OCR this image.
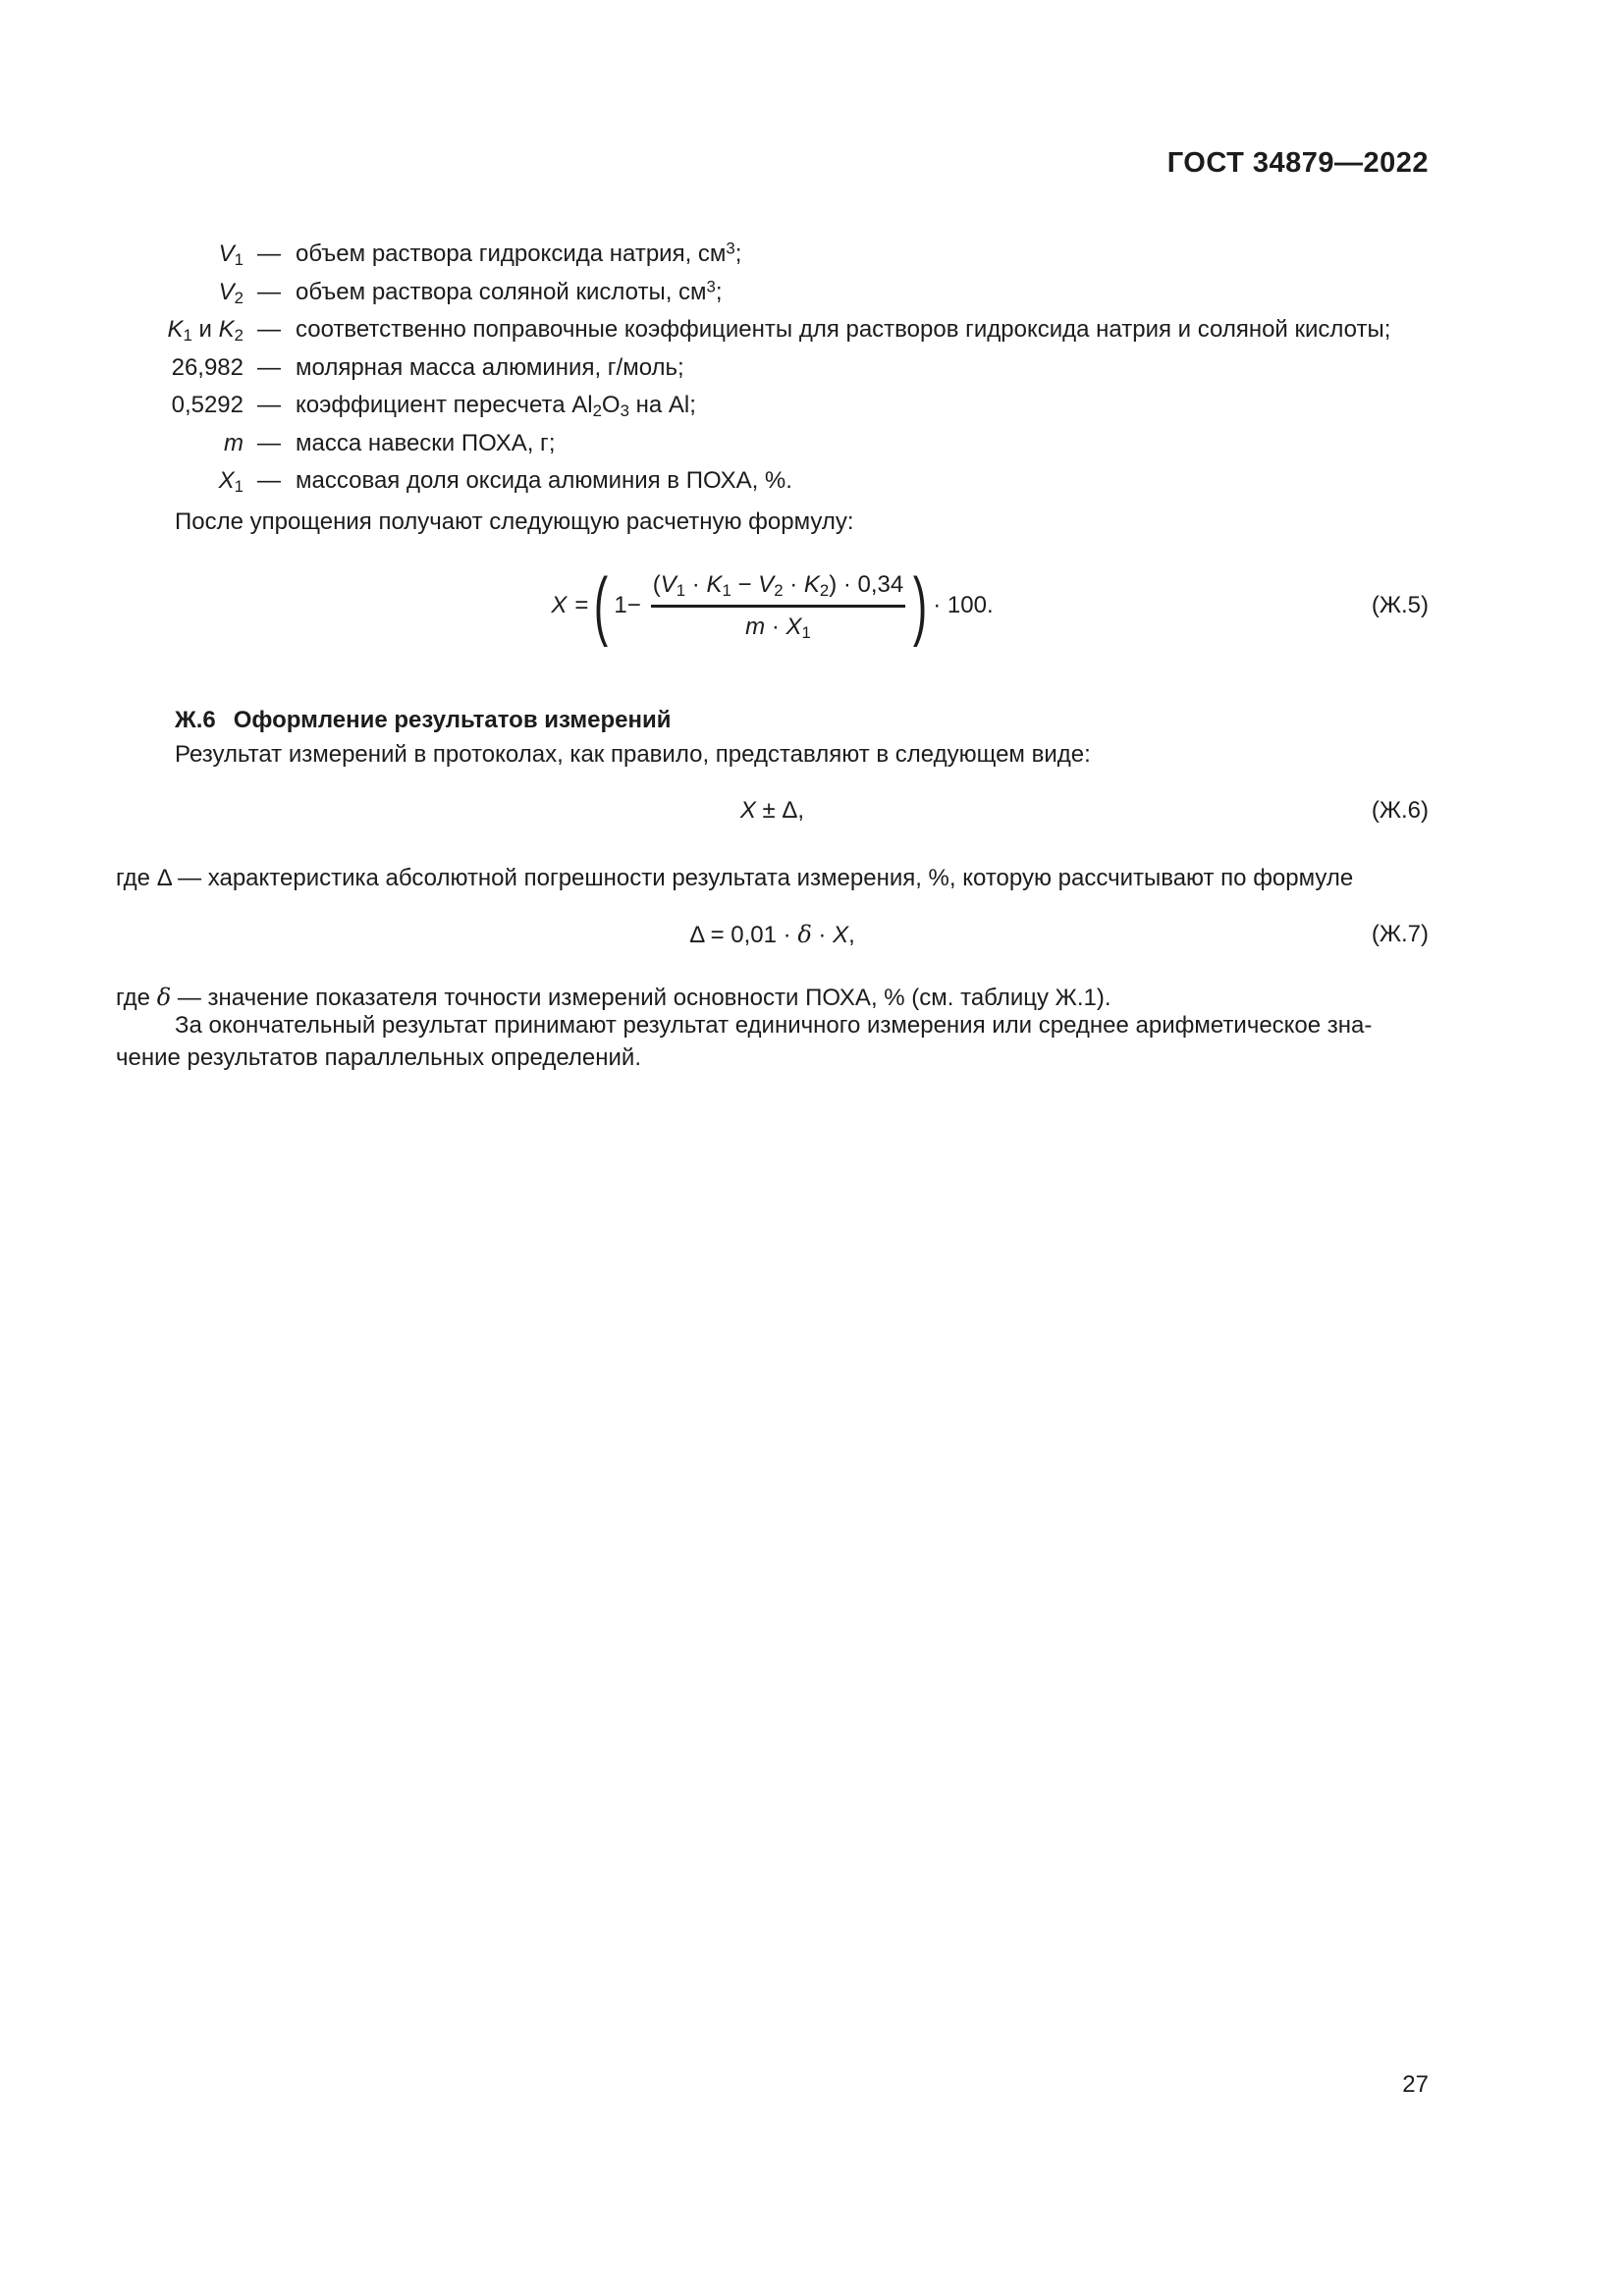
ГОСТ 34879—2022
$V_1$ — объем раствора гидроксида натрия, $см^3$;
$V_2$ — объем раствора соляной кислоты, $см^3$;
$K_1$ и $K_2$ — соответственно поправочные коэффициенты для растворов гидроксида натрия и соляной кислоты;
26,982 — молярная масса алюминия, г/моль;
0,5292 — коэффициент пересчета $Al_2O_3$ на Al;
m — масса навески ПОХА, г;
$X_1$ — массовая доля оксида алюминия в ПОХА, %.
После упрощения получают следующую расчетную формулу:
X = ( $1- \frac{(V_1 \cdot K_1 - V_2 \cdot K_2) \cdot 0,34}{m \cdot X_1}$ ) · 100.	(Ж.5)
Ж.6 Оформление результатов измерений
Результат измерений в протоколах, как правило, представляют в следующем виде:
X ± Δ,	(Ж.6)
где Δ — характеристика абсолютной погрешности результата измерения, %, которую рассчитывают по формуле
Δ = 0,01 · δ · X,	(Ж.7)
где δ — значение показателя точности измерений основности ПОХА, % (см. таблицу Ж.1).
За окончательный результат принимают результат единичного измерения или среднее арифметическое зна-
чение результатов параллельных определений.
27
